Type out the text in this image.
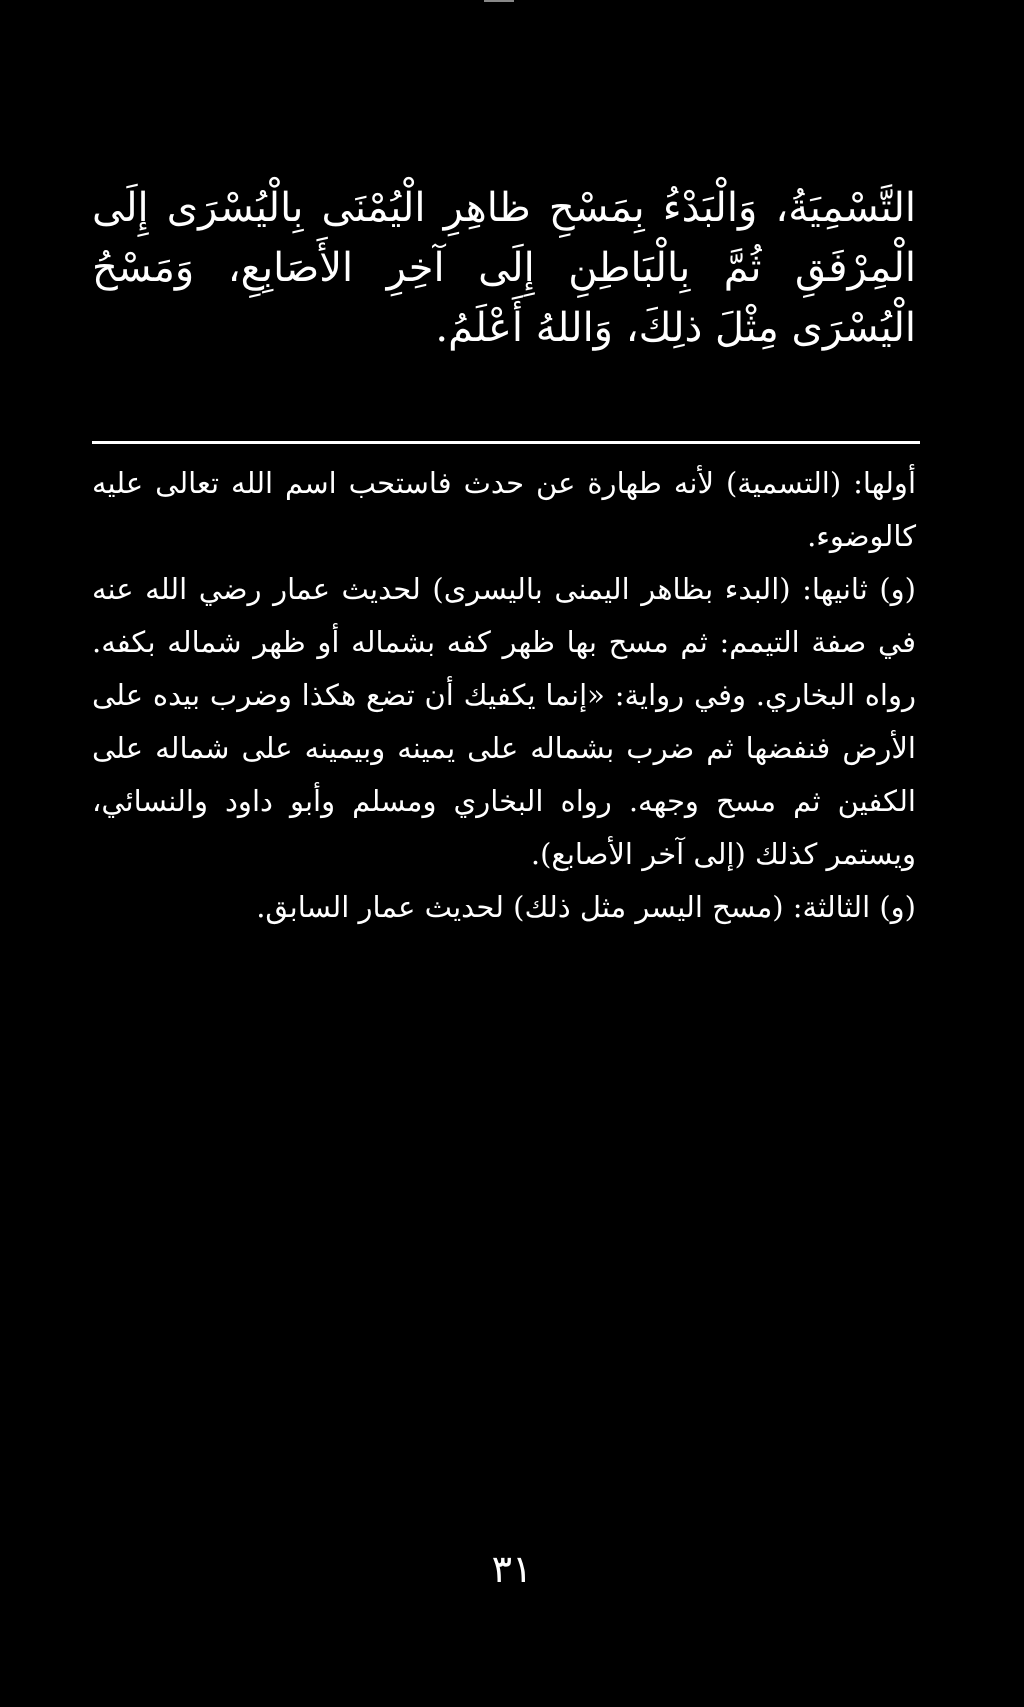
التَّسْمِيَةُ، وَالْبَدْءُ بِمَسْحِ ظاهِرِ الْيُمْنَى بِالْيُسْرَى إِلَى الْمِرْفَقِ ثُمَّ بِالْبَاطِنِ إِلَى آخِرِ الأَصَابِعِ، وَمَسْحُ الْيُسْرَى مِثْلَ ذلِكَ، وَاللهُ أَعْلَمُ.

أولها: (التسمية) لأنه طهارة عن حدث فاستحب اسم الله تعالى عليه كالوضوء.

(و) ثانيها: (البدء بظاهر اليمنى باليسرى) لحديث عمار رضي الله عنه في صفة التيمم: ثم مسح بها ظهر كفه بشماله أو ظهر شماله بكفه. رواه البخاري. وفي رواية: «إنما يكفيك أن تضع هكذا وضرب بيده على الأرض فنفضها ثم ضرب بشماله على يمينه وبيمينه على شماله على الكفين ثم مسح وجهه. رواه البخاري ومسلم وأبو داود والنسائي، ويستمر كذلك (إلى آخر الأصابع).

(و) الثالثة: (مسح اليسر مثل ذلك) لحديث عمار السابق.

٣١
